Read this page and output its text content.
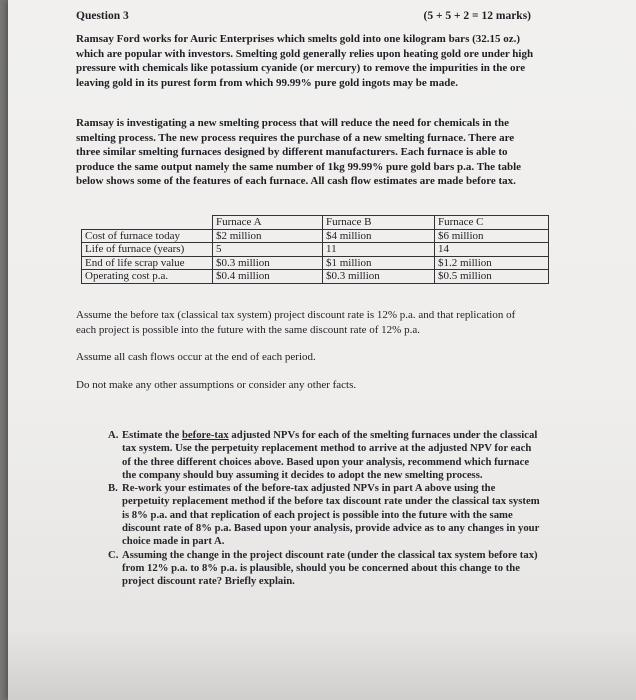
Question 3	(5 + 5 + 2 = 12 marks)

Ramsay Ford works for Auric Enterprises which smelts gold into one kilogram bars (32.15 oz.) which are popular with investors. Smelting gold generally relies upon heating gold ore under high pressure with chemicals like potassium cyanide (or mercury) to remove the impurities in the ore leaving gold in its purest form from which 99.99% pure gold ingots may be made.

Ramsay is investigating a new smelting process that will reduce the need for chemicals in the smelting process. The new process requires the purchase of a new smelting furnace. There are three similar smelting furnaces designed by different manufacturers. Each furnace is able to produce the same output namely the same number of 1kg 99.99% pure gold bars p.a. The table below shows some of the features of each furnace. All cash flow estimates are made before tax.

	Furnace A	Furnace B	Furnace C
Cost of furnace today	$2 million	$4 million	$6 million
Life of furnace (years)	5	11	14
End of life scrap value	$0.3 million	$1 million	$1.2 million
Operating cost p.a.	$0.4 million	$0.3 million	$0.5 million

Assume the before tax (classical tax system) project discount rate is 12% p.a. and that replication of each project is possible into the future with the same discount rate of 12% p.a.

Assume all cash flows occur at the end of each period.

Do not make any other assumptions or consider any other facts.

A. Estimate the before-tax adjusted NPVs for each of the smelting furnaces under the classical tax system. Use the perpetuity replacement method to arrive at the adjusted NPV for each of the three different choices above. Based upon your analysis, recommend which furnace the company should buy assuming it decides to adopt the new smelting process.
B. Re-work your estimates of the before-tax adjusted NPVs in part A above using the perpetuity replacement method if the before tax discount rate under the classical tax system is 8% p.a. and that replication of each project is possible into the future with the same discount rate of 8% p.a. Based upon your analysis, provide advice as to any changes in your choice made in part A.
C. Assuming the change in the project discount rate (under the classical tax system before tax) from 12% p.a. to 8% p.a. is plausible, should you be concerned about this change to the project discount rate? Briefly explain.
